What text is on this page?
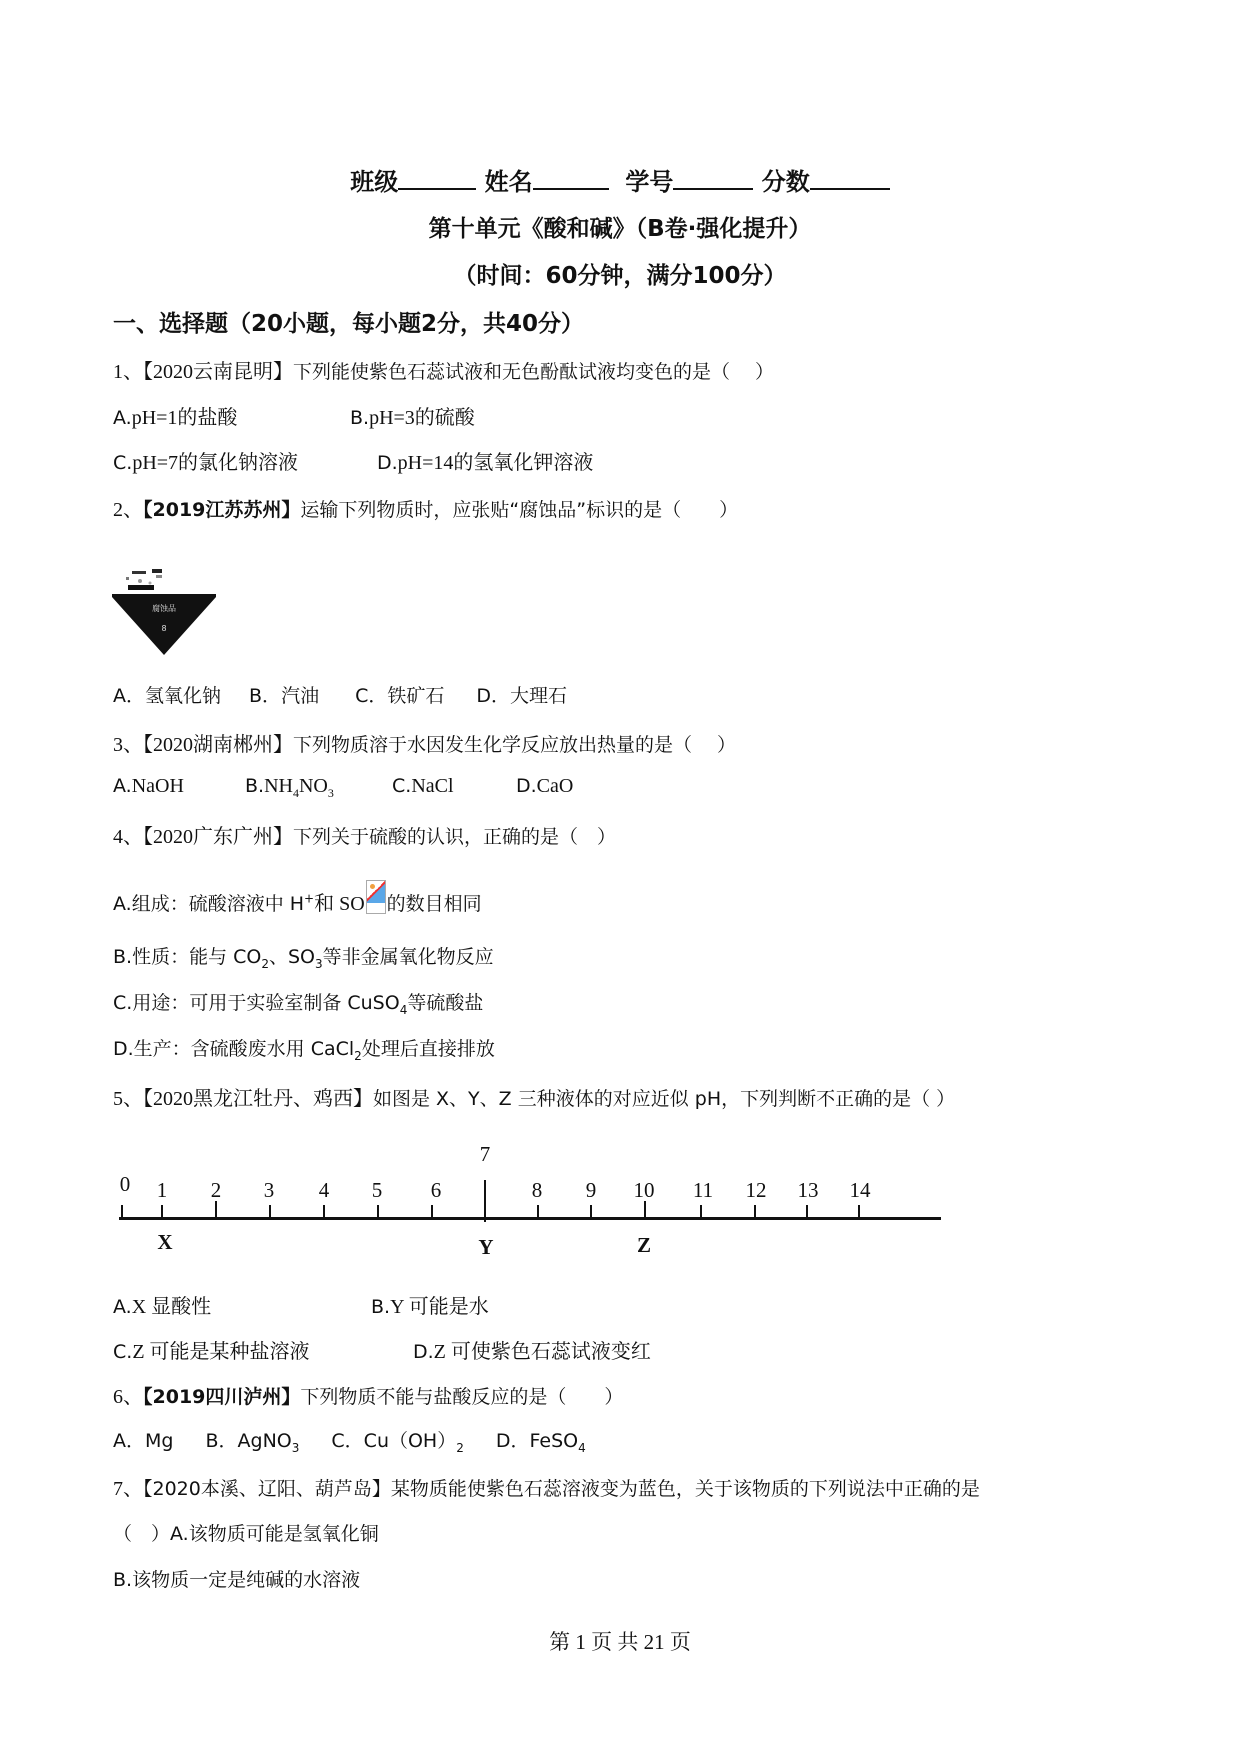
班级	姓名	学号	分数
第十单元《酸和碱》（B卷·强化提升）
（时间：60分钟，满分100分）
一、选择题（20小题，每小题2分，共40分）
1、【2020云南昆明】下列能使紫色石蕊试液和无色酚酞试液均变色的是（　 ）
A.pH=1的盐酸	B.pH=3的硫酸
C.pH=7的氯化钠溶液	D.pH=14的氢氧化钾溶液
2、【2019江苏苏州】运输下列物质时，应张贴“腐蚀品”标识的是（　　）
腐蚀品
8
A．氢氧化钠 B．汽油 C．铁矿石 D．大理石
3、【2020湖南郴州】下列物质溶于水因发生化学反应放出热量的是（　 ）
A.NaOH	$B.NH_4NO_3$	C.NaCl	D.CaO
4、【2020广东广州】下列关于硫酸的认识，正确的是（　）
A.组成：硫酸溶液中 H+和 SO 的数目相同
B.性质：能与 $CO_2$、$SO_3$等非金属氧化物反应
C.用途：可用于实验室制备 CuSO$_4$等硫酸盐
D.生产：含硫酸废水用 CaCl$_2$处理后直接排放
5、【2020黑龙江牡丹、鸡西】如图是 X、Y、Z 三种液体的对应近似 pH，下列判断不正确的是（ ）
0 1 2 3 4 5 6
7
8 9 10 11 12 13 14
X	Y	Z
A.X 显酸性	B.Y 可能是水
C.Z 可能是某种盐溶液	D.Z 可使紫色石蕊试液变红
6、【2019四川泸州】下列物质不能与盐酸反应的是（　　）
A．Mg B．AgNO$_3$ C．$Cu(OH)_2$ D．FeSO$_4$
7、【2020本溪、辽阳、葫芦岛】某物质能使紫色石蕊溶液变为蓝色，关于该物质的下列说法中正确的是
（　）A.该物质可能是氢氧化铜
B.该物质一定是纯碱的水溶液
第 1 页 共 21 页
